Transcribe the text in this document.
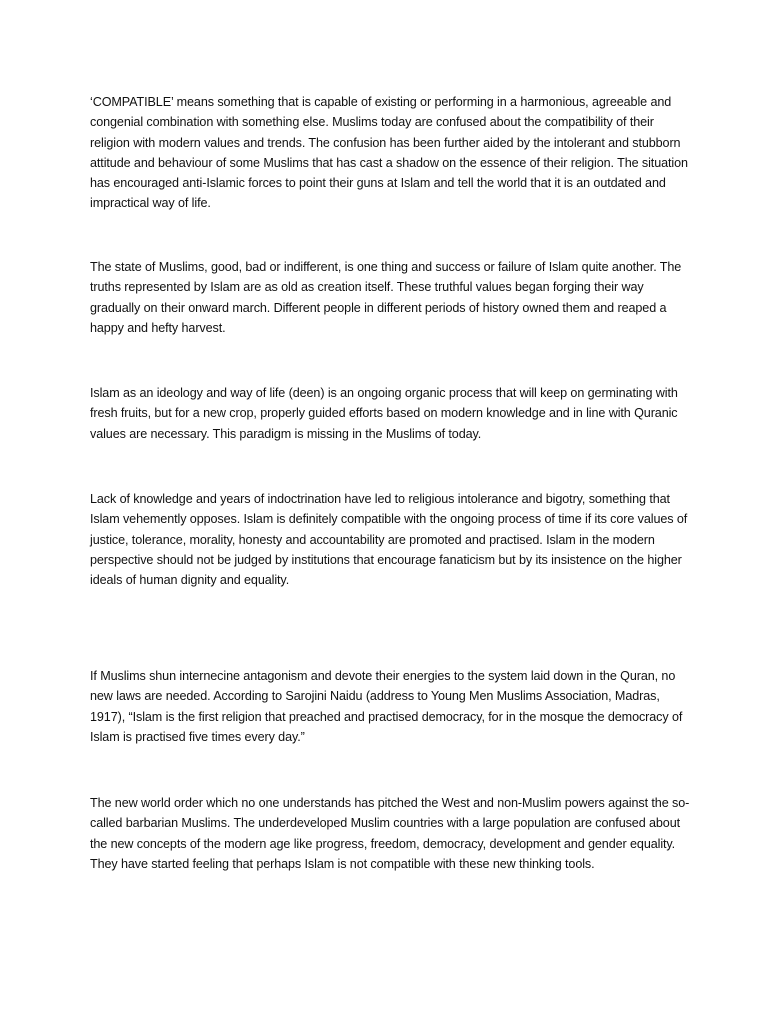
‘COMPATIBLE’ means something that is capable of existing or performing in a harmonious, agreeable and congenial combination with something else. Muslims today are confused about the compatibility of their religion with modern values and trends. The confusion has been further aided by the intolerant and stubborn attitude and behaviour of some Muslims that has cast a shadow on the essence of their religion. The situation has encouraged anti-Islamic forces to point their guns at Islam and tell the world that it is an outdated and impractical way of life.

The state of Muslims, good, bad or indifferent, is one thing and success or failure of Islam quite another. The truths represented by Islam are as old as creation itself. These truthful values began forging their way gradually on their onward march. Different people in different periods of history owned them and reaped a happy and hefty harvest.

Islam as an ideology and way of life (deen) is an ongoing organic process that will keep on germinating with fresh fruits, but for a new crop, properly guided efforts based on modern knowledge and in line with Quranic values are necessary. This paradigm is missing in the Muslims of today.

Lack of knowledge and years of indoctrination have led to religious intolerance and bigotry, something that Islam vehemently opposes. Islam is definitely compatible with the ongoing process of time if its core values of justice, tolerance, morality, honesty and accountability are promoted and practised. Islam in the modern perspective should not be judged by institutions that encourage fanaticism but by its insistence on the higher ideals of human dignity and equality.

If Muslims shun internecine antagonism and devote their energies to the system laid down in the Quran, no new laws are needed. According to Sarojini Naidu (address to Young Men Muslims Association, Madras, 1917), “Islam is the first religion that preached and practised democracy, for in the mosque the democracy of Islam is practised five times every day.”

The new world order which no one understands has pitched the West and non-Muslim powers against the so-called barbarian Muslims. The underdeveloped Muslim countries with a large population are confused about the new concepts of the modern age like progress, freedom, democracy, development and gender equality. They have started feeling that perhaps Islam is not compatible with these new thinking tools.
